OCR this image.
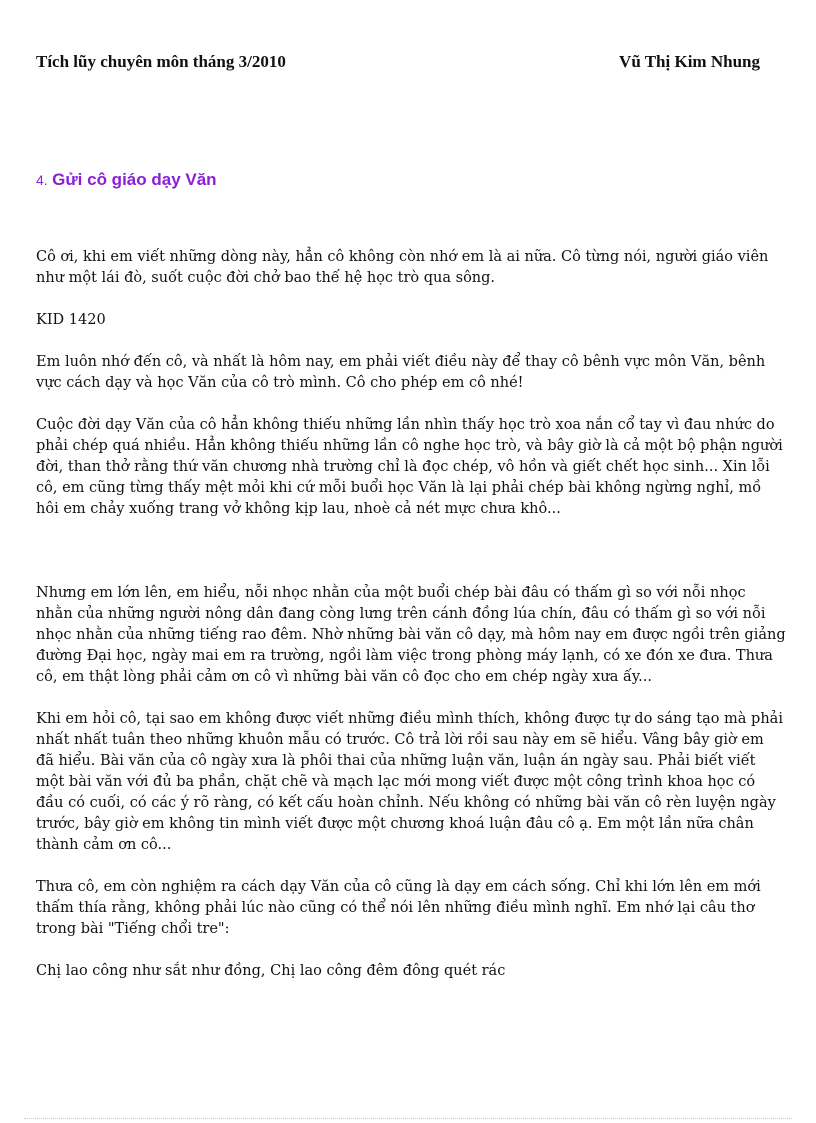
Tích lũy chuyên môn tháng 3/2010	Vũ Thị Kim Nhung
4. Gửi cô giáo dạy Văn

Cô ơi, khi em viết những dòng này, hẳn cô không còn nhớ em là ai nữa. Cô từng nói, người giáo viên như một lái đò, suốt cuộc đời chở bao thế hệ học trò qua sông.

KID 1420

Em luôn nhớ đến cô, và nhất là hôm nay, em phải viết điều này để thay cô bênh vực môn Văn, bênh vực cách dạy và học Văn của cô trò mình. Cô cho phép em cô nhé!

Cuộc đời dạy Văn của cô hẳn không thiếu những lần nhìn thấy học trò xoa nắn cổ tay vì đau nhức do phải chép quá nhiều. Hẳn không thiếu những lần cô nghe học trò, và bây giờ là cả một bộ phận người đời, than thở rằng thứ văn chương nhà trường chỉ là đọc chép, vô hồn và giết chết học sinh... Xin lỗi cô, em cũng từng thấy mệt mỏi khi cứ mỗi buổi học Văn là lại phải chép bài không ngừng nghỉ, mồ hôi em chảy xuống trang vở không kịp lau, nhoè cả nét mực chưa khô...

Nhưng em lớn lên, em hiểu, nỗi nhọc nhằn của một buổi chép bài đâu có thấm gì so với nỗi nhọc nhằn của những người nông dân đang còng lưng trên cánh đồng lúa chín, đâu có thấm gì so với nỗi nhọc nhằn của những tiếng rao đêm. Nhờ những bài văn cô dạy, mà hôm nay em được ngồi trên giảng đường Đại học, ngày mai em ra trường, ngồi làm việc trong phòng máy lạnh, có xe đón xe đưa. Thưa cô, em thật lòng phải cảm ơn cô vì những bài văn cô đọc cho em chép ngày xưa ấy...

Khi em hỏi cô, tại sao em không được viết những điều mình thích, không được tự do sáng tạo mà phải nhất nhất tuân theo những khuôn mẫu có trước. Cô trả lời rồi sau này em sẽ hiểu. Vâng bây giờ em đã hiểu. Bài văn của cô ngày xưa là phôi thai của những luận văn, luận án ngày sau. Phải biết viết một bài văn với đủ ba phần, chặt chẽ và mạch lạc mới mong viết được một công trình khoa học có đầu có cuối, có các ý rõ ràng, có kết cấu hoàn chỉnh. Nếu không có những bài văn cô rèn luyện ngày trước, bây giờ em không tin mình viết được một chương khoá luận đâu cô ạ. Em một lần nữa chân thành cảm ơn cô...

Thưa cô, em còn nghiệm ra cách dạy Văn của cô cũng là dạy em cách sống. Chỉ khi lớn lên em mới thấm thía rằng, không phải lúc nào cũng có thể nói lên những điều mình nghĩ. Em nhớ lại câu thơ trong bài "Tiếng chổi tre":

Chị lao công như sắt như đồng, Chị lao công đêm đông quét rác
